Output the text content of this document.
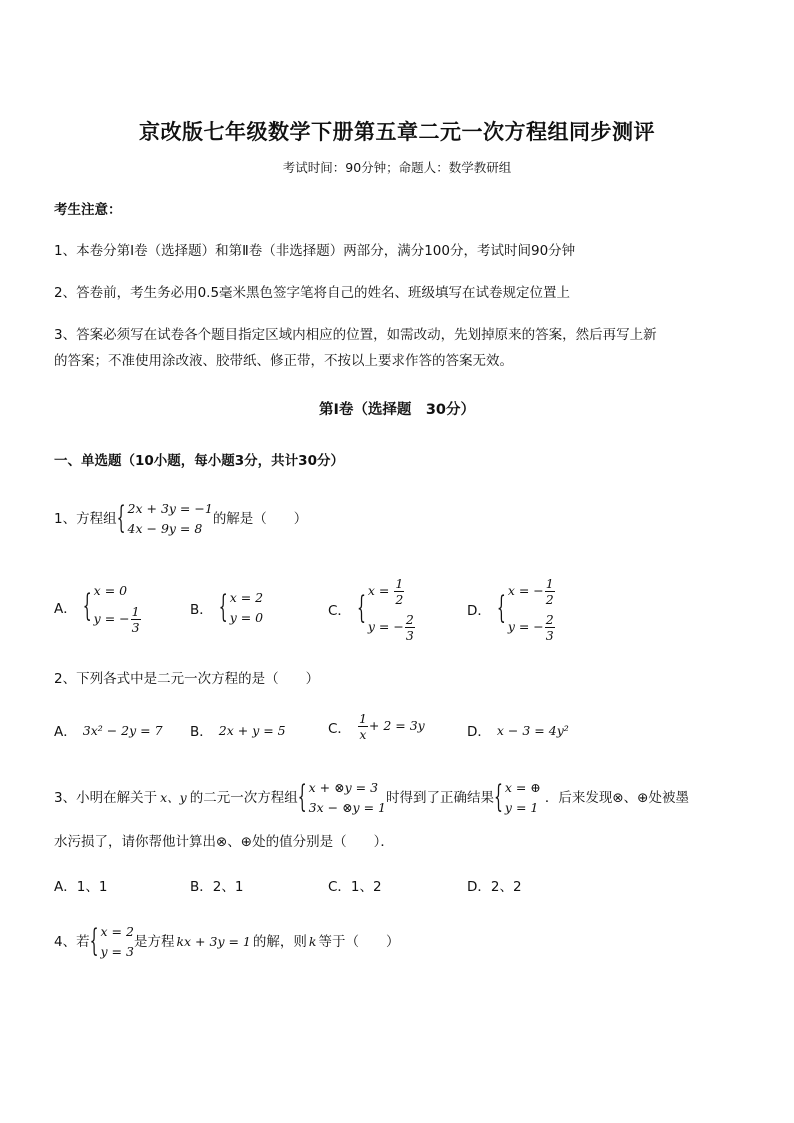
京改版七年级数学下册第五章二元一次方程组同步测评
考试时间：90分钟；命题人：数学教研组
考生注意：
1、本卷分第Ⅰ卷（选择题）和第Ⅱ卷（非选择题）两部分，满分100分，考试时间90分钟
2、答卷前，考生务必用0.5毫米黑色签字笔将自己的姓名、班级填写在试卷规定位置上
3、答案必须写在试卷各个题目指定区域内相应的位置，如需改动，先划掉原来的答案，然后再写上新
的答案；不准使用涂改液、胶带纸、修正带，不按以上要求作答的答案无效。
第Ⅰ卷（选择题　30分）
一、单选题（10小题，每小题3分，共计30分）
1、方程组 { 2x + 3y = −1
4x − 9y = 8
的解是（　　）
A． { x = 0
y = − $\frac{1}{3}$	B． { x = 2
y = 0	C． {
$x = \frac{1}{2}$
y = − $\frac{2}{3}$
D． {
x = − $\frac{1}{2}$
y = − $\frac{2}{3}$
2、下列各式中是二元一次方程的是（　　）
A． 3x² − 2y = 7 B． 2x + y = 5	C． $\frac{1}{x} + 2 = 3y$	D． x − 3 = 4y²
3、小明在解关于 x、y 的二元一次方程组 { x + ⊗y = 3
3x − ⊗y = 1
时得到了正确结果 { x = ⊕
y = 1
．后来发现⊗、⊕处被墨
水污损了，请你帮他计算出⊗、⊕处的值分别是（　　）．
A．1、1	B．2、1	C．1、2	D．2、2
4、若 { x = 2
y = 3
是方程 kx + 3y = 1 的解，则 k 等于（　　）
